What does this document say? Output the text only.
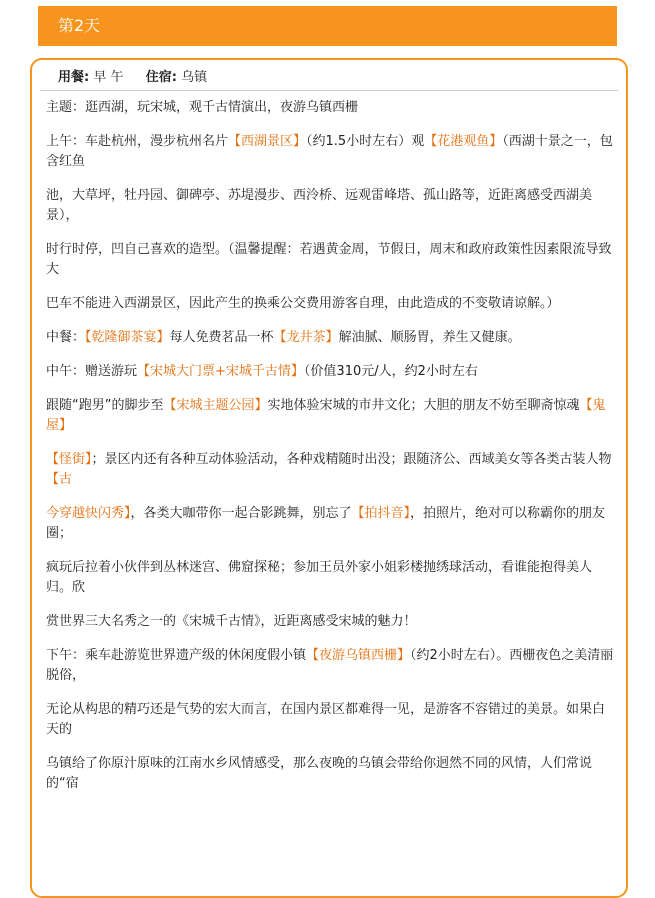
第2天
用餐: 早 午 住宿: 乌镇

主题：逛西湖，玩宋城，观千古情演出，夜游乌镇西栅

上午：车赴杭州，漫步杭州名片【西湖景区】（约1.5小时左右）观【花港观鱼】（西湖十景之一，包含红鱼

池，大草坪，牡丹园、御碑亭、苏堤漫步、西泠桥、远观雷峰塔、孤山路等，近距离感受西湖美景），

时行时停，凹自己喜欢的造型。（温馨提醒：若遇黄金周，节假日，周末和政府政策性因素限流导致大

巴车不能进入西湖景区，因此产生的换乘公交费用游客自理，由此造成的不变敬请谅解。）

中餐：【乾隆御茶宴】每人免费茗品一杯【龙井茶】解油腻、顺肠胃，养生又健康。

中午：赠送游玩【宋城大门票+宋城千古情】（价值310元/人，约2小时左右

跟随“跑男”的脚步至【宋城主题公园】实地体验宋城的市井文化；大胆的朋友不妨至聊斋惊魂【鬼屋】

【怪街】；景区内还有各种互动体验活动，各种戏精随时出没；跟随济公、西域美女等各类古装人物【古

今穿越快闪秀】，各类大咖带你一起合影跳舞，别忘了【拍抖音】，拍照片，绝对可以称霸你的朋友圈；

疯玩后拉着小伙伴到丛林迷宫、佛窟探秘；参加王员外家小姐彩楼抛绣球活动，看谁能抱得美人归。欣

赏世界三大名秀之一的《宋城千古情》，近距离感受宋城的魅力！

下午：乘车赴游览世界遗产级的休闲度假小镇【夜游乌镇西栅】（约2小时左右）。西栅夜色之美清丽脱俗，

无论从构思的精巧还是气势的宏大而言，在国内景区都难得一见，是游客不容错过的美景。如果白天的

乌镇给了你原汁原味的江南水乡风情感受，那么夜晚的乌镇会带给你迥然不同的风情，人们常说的“宿
